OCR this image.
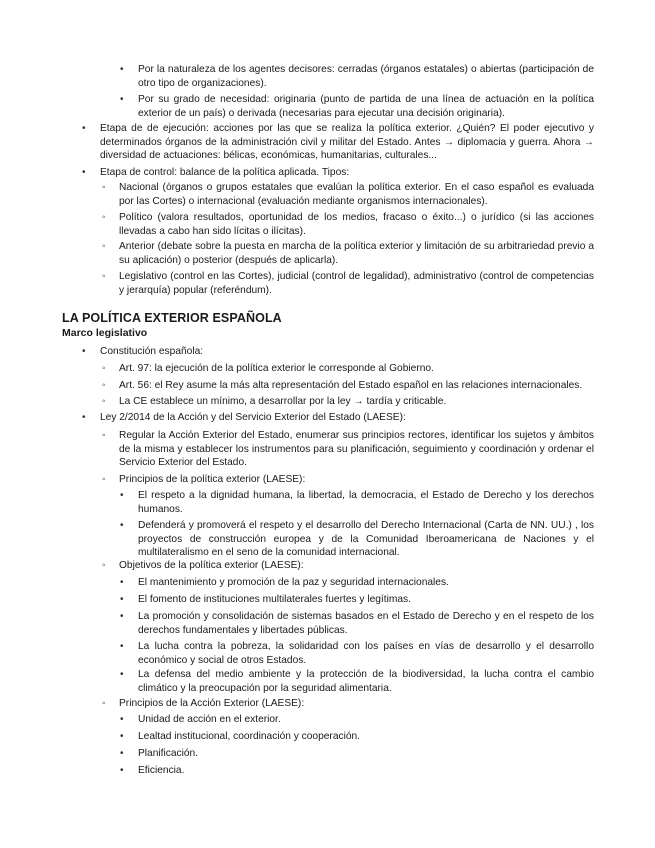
• Por la naturaleza de los agentes decisores: cerradas (órganos estatales) o abiertas (participación de otro tipo de organizaciones).
• Por su grado de necesidad: originaria (punto de partida de una línea de actuación en la política exterior de un país) o derivada (necesarias para ejecutar una decisión originaria).
• Etapa de de ejecución: acciones por las que se realiza la política exterior. ¿Quién? El poder ejecutivo y determinados órganos de la administración civil y militar del Estado. Antes → diplomacia y guerra. Ahora → diversidad de actuaciones: bélicas, económicas, humanitarias, culturales...
• Etapa de control: balance de la política aplicada. Tipos:
◦ Nacional (órganos o grupos estatales que evalúan la política exterior. En el caso español es evaluada por las Cortes) o internacional (evaluación mediante organismos internacionales).
◦ Político (valora resultados, oportunidad de los medios, fracaso o éxito...) o jurídico (si las acciones llevadas a cabo han sido lícitas o ilícitas).
◦ Anterior (debate sobre la puesta en marcha de la política exterior y limitación de su arbitrariedad previo a su aplicación) o posterior (después de aplicarla).
◦ Legislativo (control en las Cortes), judicial (control de legalidad), administrativo (control de competencias y jerarquía) popular (referéndum).
LA POLÍTICA EXTERIOR ESPAÑOLA
Marco legislativo
• Constitución española:
◦ Art. 97: la ejecución de la política exterior le corresponde al Gobierno.
◦ Art. 56: el Rey asume la más alta representación del Estado español en las relaciones internacionales.
◦ La CE establece un mínimo, a desarrollar por la ley → tardía y criticable.
• Ley 2/2014 de la Acción y del Servicio Exterior del Estado (LAESE):
◦ Regular la Acción Exterior del Estado, enumerar sus principios rectores, identificar los sujetos y ámbitos de la misma y establecer los instrumentos para su planificación, seguimiento y coordinación y ordenar el Servicio Exterior del Estado.
◦ Principios de la política exterior (LAESE):
• El respeto a la dignidad humana, la libertad, la democracia, el Estado de Derecho y los derechos humanos.
• Defenderá y promoverá el respeto y el desarrollo del Derecho Internacional (Carta de NN. UU.) , los proyectos de construcción europea y de la Comunidad Iberoamericana de Naciones y el multilateralismo en el seno de la comunidad internacional.
◦ Objetivos de la política exterior (LAESE):
• El mantenimiento y promoción de la paz y seguridad internacionales.
• El fomento de instituciones multilaterales fuertes y legítimas.
• La promoción y consolidación de sistemas basados en el Estado de Derecho y en el respeto de los derechos fundamentales y libertades públicas.
• La lucha contra la pobreza, la solidaridad con los países en vías de desarrollo y el desarrollo económico y social de otros Estados.
• La defensa del medio ambiente y la protección de la biodiversidad, la lucha contra el cambio climático y la preocupación por la seguridad alimentaria.
◦ Principios de la Acción Exterior (LAESE):
• Unidad de acción en el exterior.
• Lealtad institucional, coordinación y cooperación.
• Planificación.
• Eficiencia.
